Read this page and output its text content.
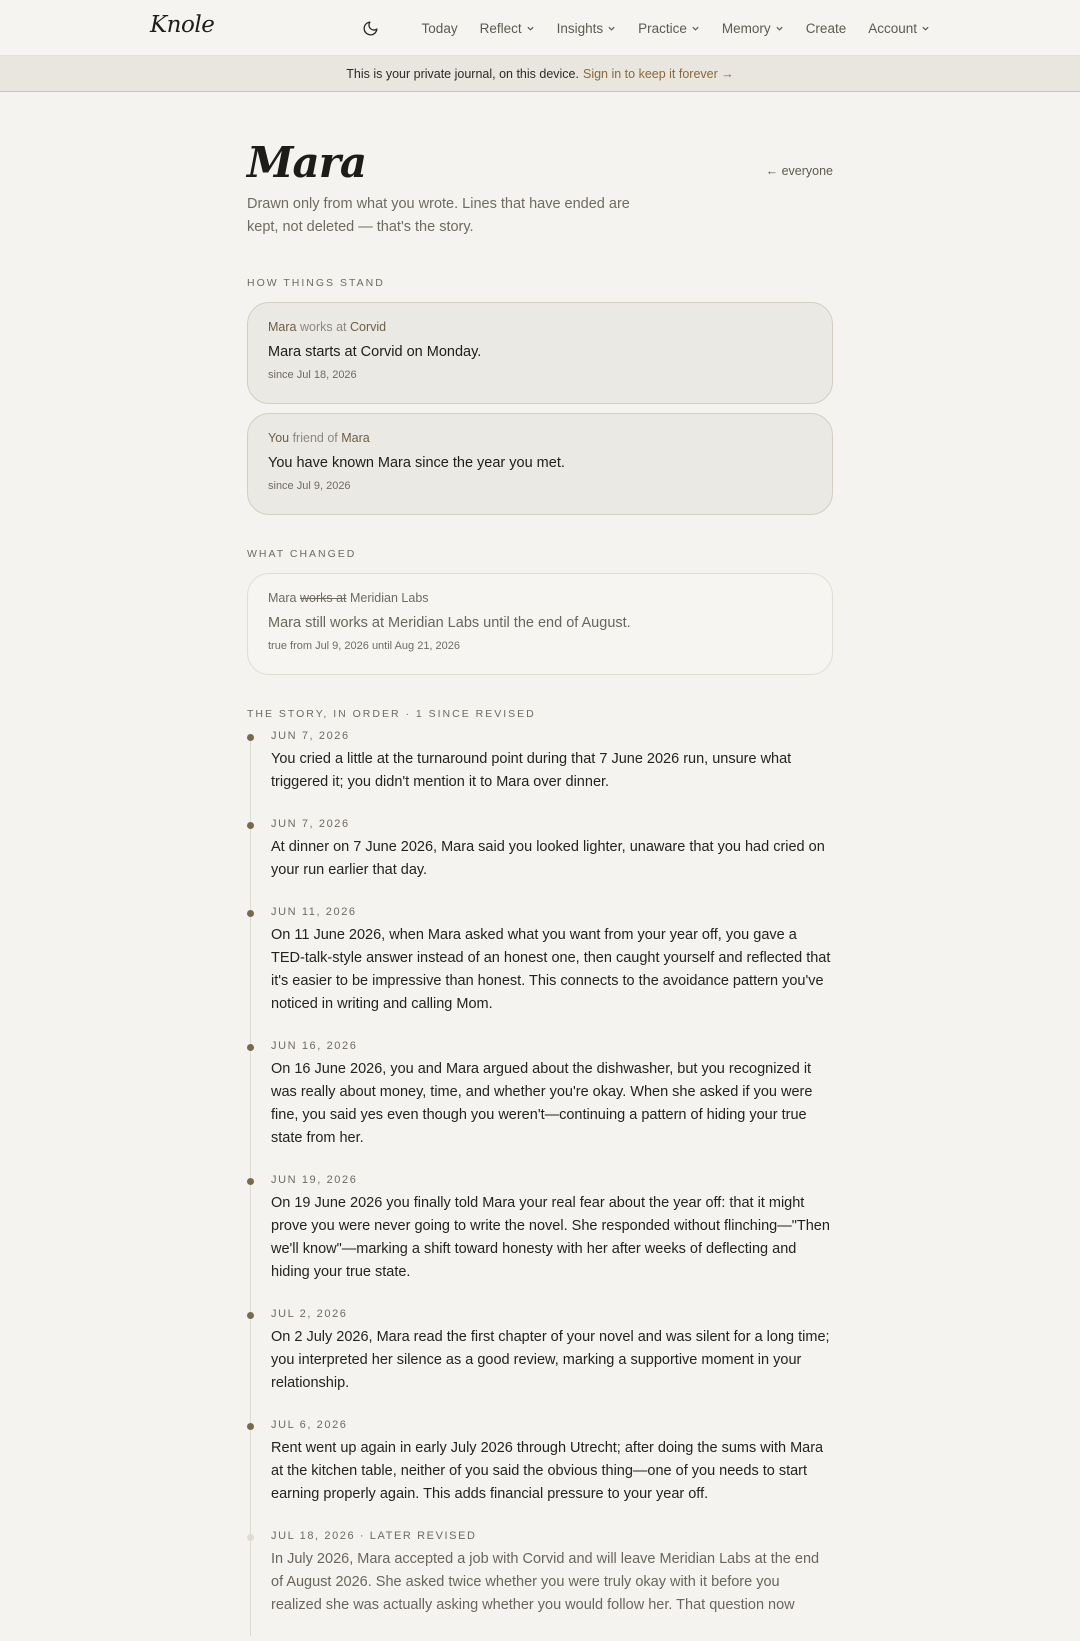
Knole	Today Reflect	Insights	Practice	Memory	Create Account
This is your private journal, on this device. Sign in to keep it forever →
Mara	← everyone

Drawn only from what you wrote. Lines that have ended are kept, not deleted — that's the story.

HOW THINGS STAND
Mara works at Corvid
Mara starts at Corvid on Monday.
since Jul 18, 2026
You friend of Mara
You have known Mara since the year you met.
since Jul 9, 2026
WHAT CHANGED
Mara works at Meridian Labs
Mara still works at Meridian Labs until the end of August.
true from Jul 9, 2026 until Aug 21, 2026
THE STORY, IN ORDER · 1 SINCE REVISED
JUN 7, 2026
You cried a little at the turnaround point during that 7 June 2026 run, unsure what triggered it; you didn't mention it to Mara over dinner.
JUN 7, 2026
At dinner on 7 June 2026, Mara said you looked lighter, unaware that you had cried on your run earlier that day.
JUN 11, 2026
On 11 June 2026, when Mara asked what you want from your year off, you gave a TED-talk-style answer instead of an honest one, then caught yourself and reflected that it's easier to be impressive than honest. This connects to the avoidance pattern you've noticed in writing and calling Mom.
JUN 16, 2026
On 16 June 2026, you and Mara argued about the dishwasher, but you recognized it was really about money, time, and whether you're okay. When she asked if you were fine, you said yes even though you weren't—continuing a pattern of hiding your true state from her.
JUN 19, 2026
On 19 June 2026 you finally told Mara your real fear about the year off: that it might prove you were never going to write the novel. She responded without flinching—"Then we'll know"—marking a shift toward honesty with her after weeks of deflecting and hiding your true state.
JUL 2, 2026
On 2 July 2026, Mara read the first chapter of your novel and was silent for a long time; you interpreted her silence as a good review, marking a supportive moment in your relationship.
JUL 6, 2026
Rent went up again in early July 2026 through Utrecht; after doing the sums with Mara at the kitchen table, neither of you said the obvious thing—one of you needs to start earning properly again. This adds financial pressure to your year off.
JUL 18, 2026 · LATER REVISED
In July 2026, Mara accepted a job with Corvid and will leave Meridian Labs at the end of August 2026. She asked twice whether you were truly okay with it before you realized she was actually asking whether you would follow her. That question now
